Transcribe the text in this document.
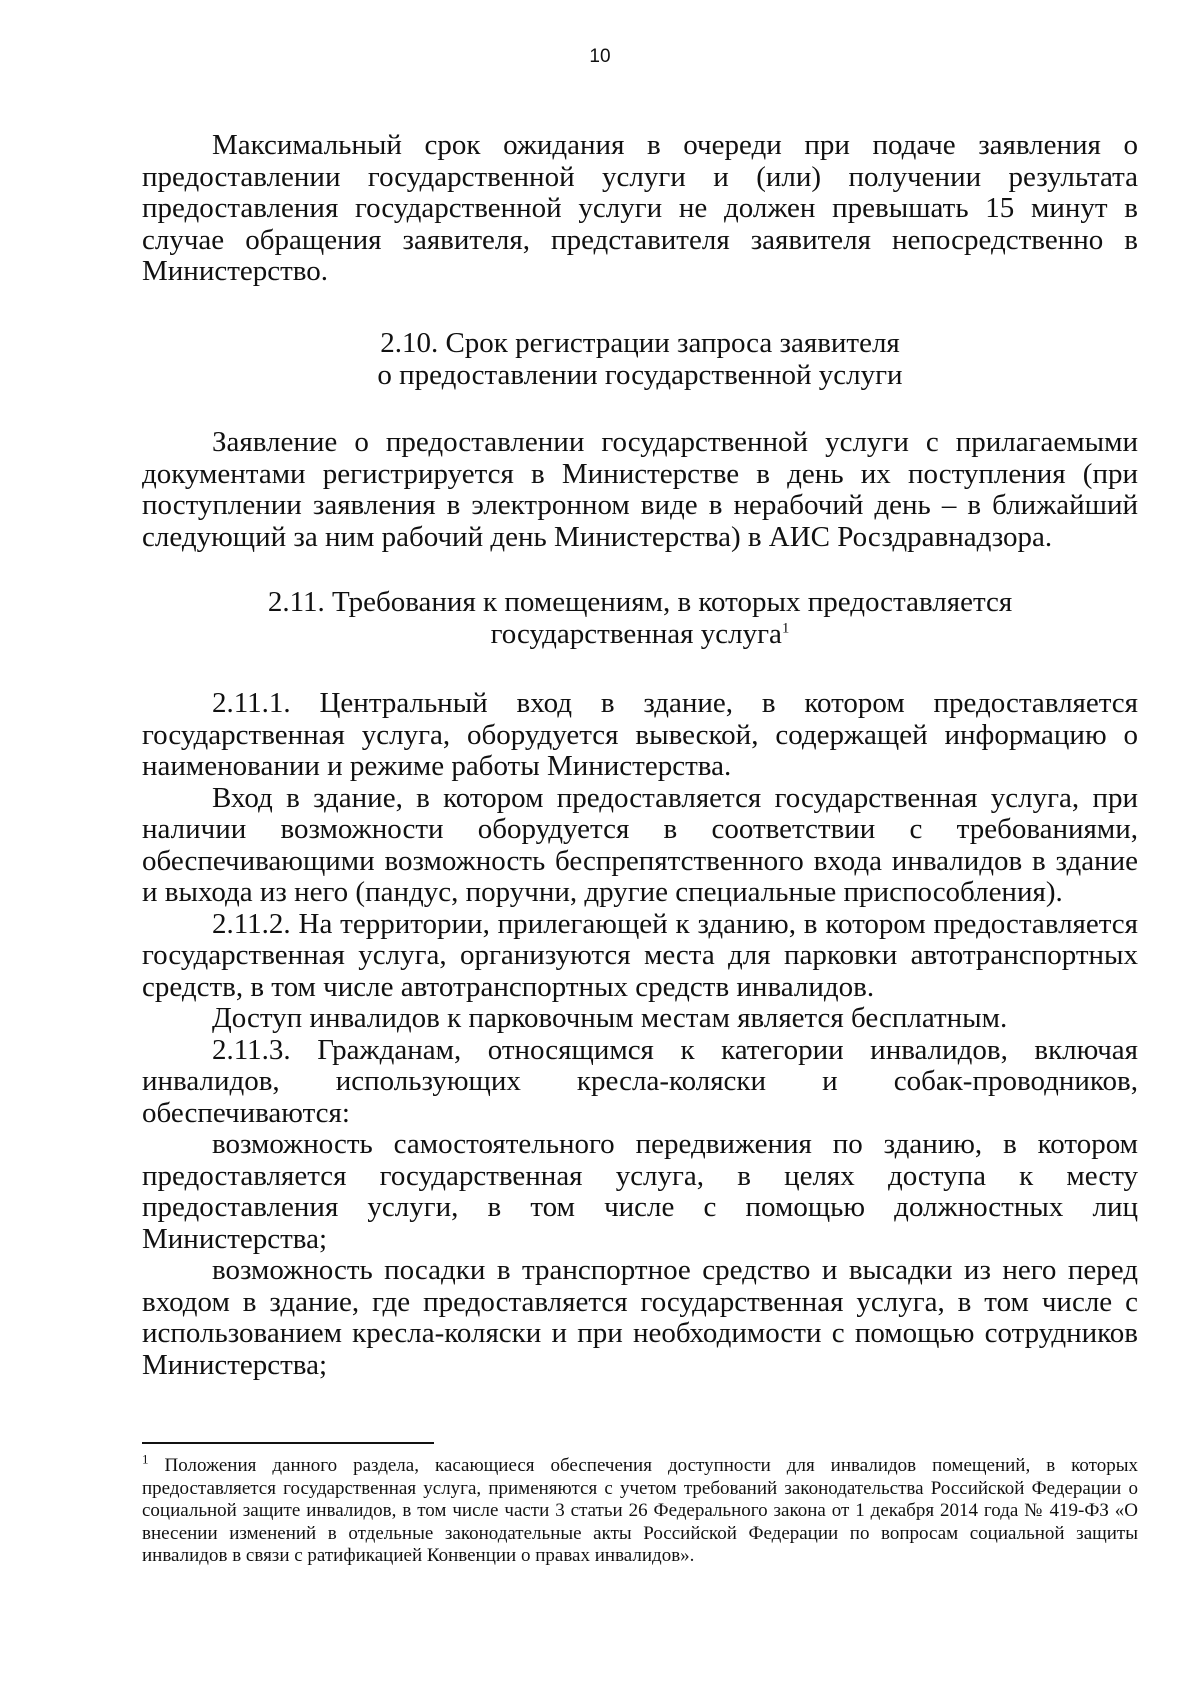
10

Максимальный срок ожидания в очереди при подаче заявления о предоставлении государственной услуги и (или) получении результата предоставления государственной услуги не должен превышать 15 минут в случае обращения заявителя, представителя заявителя непосредственно в Министерство.

2.10. Срок регистрации запроса заявителя

о предоставлении государственной услуги

Заявление о предоставлении государственной услуги с прилагаемыми документами регистрируется в Министерстве в день их поступления (при поступлении заявления в электронном виде в нерабочий день – в ближайший следующий за ним рабочий день Министерства) в АИС Росздравнадзора.

2.11. Требования к помещениям, в которых предоставляется

государственная услуга$^1$

2.11.1. Центральный вход в здание, в котором предоставляется государственная услуга, оборудуется вывеской, содержащей информацию о наименовании и режиме работы Министерства.

Вход в здание, в котором предоставляется государственная услуга, при наличии возможности оборудуется в соответствии с требованиями, обеспечивающими возможность беспрепятственного входа инвалидов в здание и выхода из него (пандус, поручни, другие специальные приспособления).

2.11.2. На территории, прилегающей к зданию, в котором предоставляется государственная услуга, организуются места для парковки автотранспортных средств, в том числе автотранспортных средств инвалидов.

Доступ инвалидов к парковочным местам является бесплатным.

2.11.3. Гражданам, относящимся к категории инвалидов, включая инвалидов, использующих кресла-коляски и собак-проводников, обеспечиваются:

возможность самостоятельного передвижения по зданию, в котором предоставляется государственная услуга, в целях доступа к месту предоставления услуги, в том числе с помощью должностных лиц Министерства;

возможность посадки в транспортное средство и высадки из него перед входом в здание, где предоставляется государственная услуга, в том числе с использованием кресла-коляски и при необходимости с помощью сотрудников Министерства;

$^1$ Положения данного раздела, касающиеся обеспечения доступности для инвалидов помещений, в которых предоставляется государственная услуга, применяются с учетом требований законодательства Российской Федерации о социальной защите инвалидов, в том числе части 3 статьи 26 Федерального закона от 1 декабря 2014 года № 419-ФЗ «О внесении изменений в отдельные законодательные акты Российской Федерации по вопросам социальной защиты инвалидов в связи с ратификацией Конвенции о правах инвалидов».
